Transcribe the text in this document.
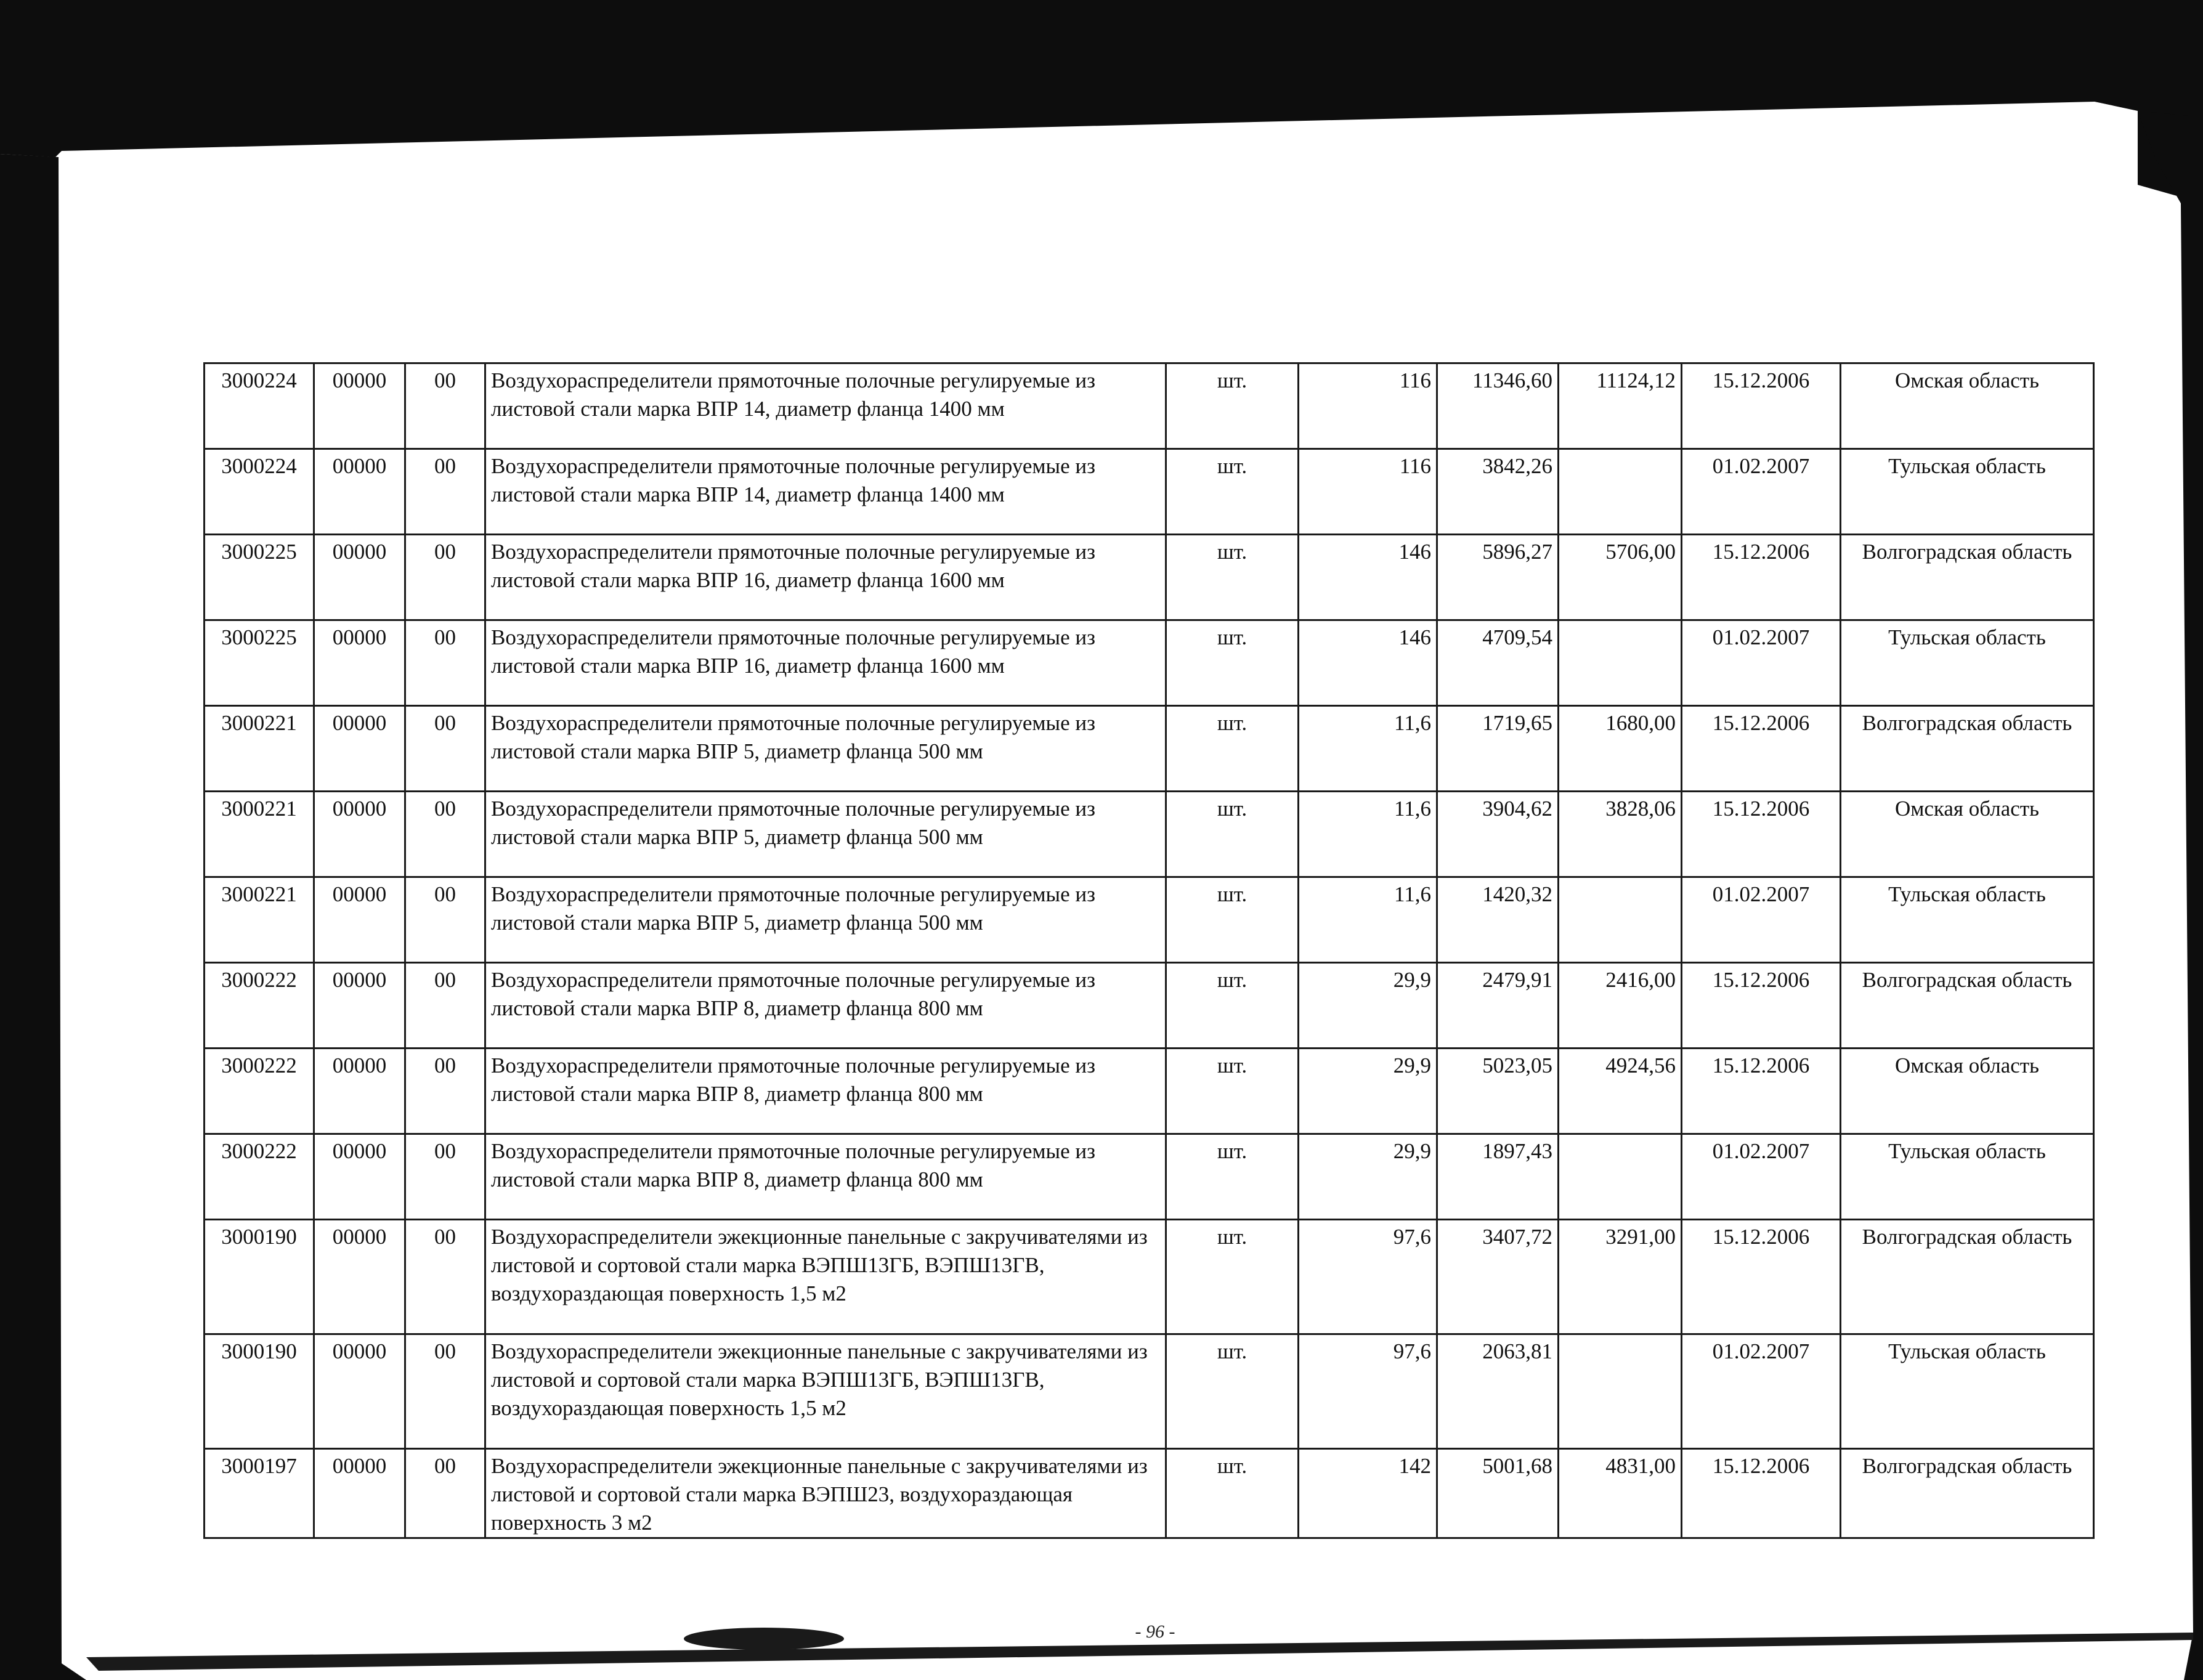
3000224	00000	00	Воздухораспределители прямоточные полочные регулируемые из листовой стали марка ВПР 14, диаметр фланца 1400 мм	шт.	116	11346,60	11124,12	15.12.2006	Омская область
3000224	00000	00	Воздухораспределители прямоточные полочные регулируемые из листовой стали марка ВПР 14, диаметр фланца 1400 мм	шт.	116	3842,26		01.02.2007	Тульская область
3000225	00000	00	Воздухораспределители прямоточные полочные регулируемые из листовой стали марка ВПР 16, диаметр фланца 1600 мм	шт.	146	5896,27	5706,00	15.12.2006	Волгоградская область
3000225	00000	00	Воздухораспределители прямоточные полочные регулируемые из листовой стали марка ВПР 16, диаметр фланца 1600 мм	шт.	146	4709,54		01.02.2007	Тульская область
3000221	00000	00	Воздухораспределители прямоточные полочные регулируемые из листовой стали марка ВПР 5, диаметр фланца 500 мм	шт.	11,6	1719,65	1680,00	15.12.2006	Волгоградская область
3000221	00000	00	Воздухораспределители прямоточные полочные регулируемые из листовой стали марка ВПР 5, диаметр фланца 500 мм	шт.	11,6	3904,62	3828,06	15.12.2006	Омская область
3000221	00000	00	Воздухораспределители прямоточные полочные регулируемые из листовой стали марка ВПР 5, диаметр фланца 500 мм	шт.	11,6	1420,32		01.02.2007	Тульская область
3000222	00000	00	Воздухораспределители прямоточные полочные регулируемые из листовой стали марка ВПР 8, диаметр фланца 800 мм	шт.	29,9	2479,91	2416,00	15.12.2006	Волгоградская область
3000222	00000	00	Воздухораспределители прямоточные полочные регулируемые из листовой стали марка ВПР 8, диаметр фланца 800 мм	шт.	29,9	5023,05	4924,56	15.12.2006	Омская область
3000222	00000	00	Воздухораспределители прямоточные полочные регулируемые из листовой стали марка ВПР 8, диаметр фланца 800 мм	шт.	29,9	1897,43		01.02.2007	Тульская область
3000190	00000	00	Воздухораспределители эжекционные панельные с закручивателями из листовой и сортовой стали марка ВЭПШ13ГБ, ВЭПШ13ГВ, воздухораздающая поверхность 1,5 м2	шт.	97,6	3407,72	3291,00	15.12.2006	Волгоградская область
3000190	00000	00	Воздухораспределители эжекционные панельные с закручивателями из листовой и сортовой стали марка ВЭПШ13ГБ, ВЭПШ13ГВ, воздухораздающая поверхность 1,5 м2	шт.	97,6	2063,81		01.02.2007	Тульская область
3000197	00000	00	Воздухораспределители эжекционные панельные с закручивателями из листовой и сортовой стали марка ВЭПШ23, воздухораздающая поверхность 3 м2	шт.	142	5001,68	4831,00	15.12.2006	Волгоградская область
- 96 -
